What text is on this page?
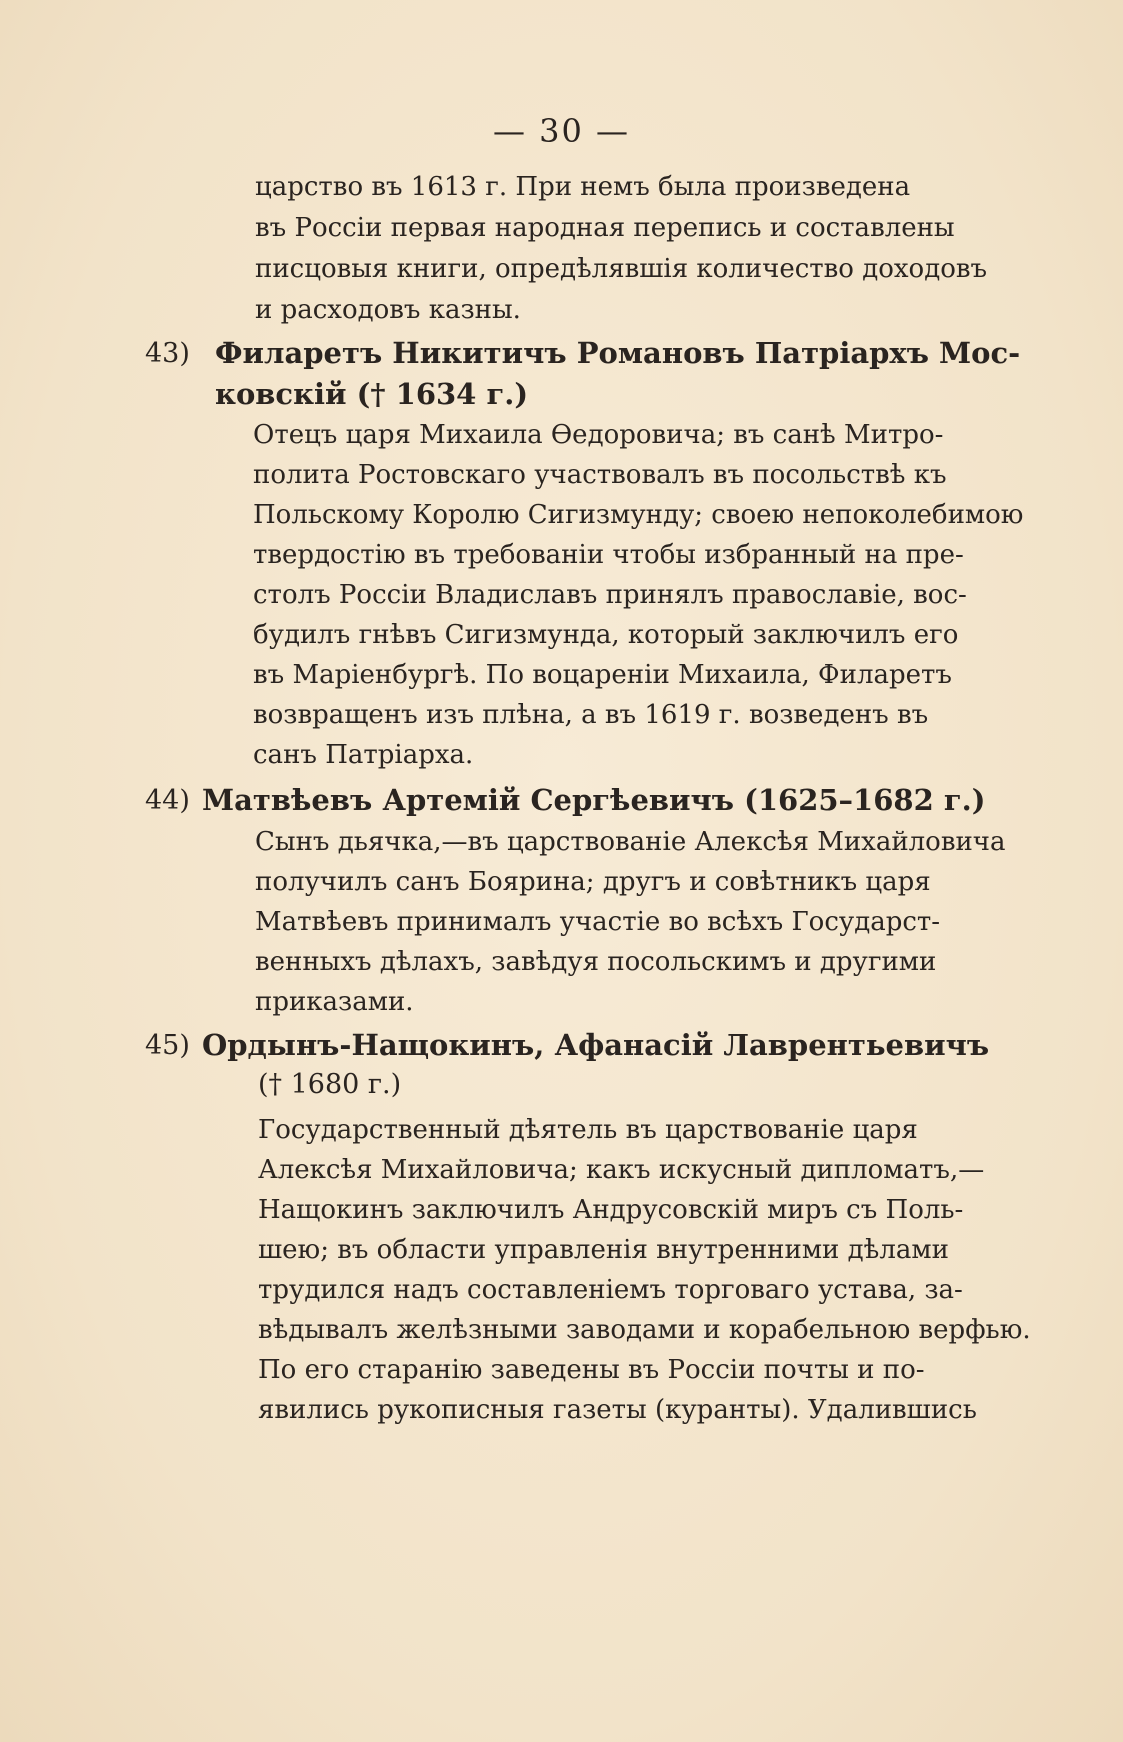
— 30 —
царство въ 1613 г. При немъ была произведена
въ Россіи первая народная перепись и составлены
писцовыя книги, опредѣлявшія количество доходовъ
и расходовъ казны.
43) Филаретъ Никитичъ Романовъ Патріархъ Мос-
ковскій († 1634 г.)
Отецъ царя Михаила Ѳедоровича; въ санѣ Митро-
полита Ростовскаго участвовалъ въ посольствѣ къ
Польскому Королю Сигизмунду; своею непоколебимою
твердостію въ требованіи чтобы избранный на пре-
столъ Россіи Владиславъ принялъ православіе, вос-
будилъ гнѣвъ Сигизмунда, который заключилъ его
въ Маріенбургѣ. По воцареніи Михаила, Филаретъ
возвращенъ изъ плѣна, а въ 1619 г. возведенъ въ
санъ Патріарха.
44) Матвѣевъ Артемій Сергѣевичъ (1625–1682 г.)
Сынъ дьячка,—въ царствованіе Алексѣя Михайловича
получилъ санъ Боярина; другъ и совѣтникъ царя
Матвѣевъ принималъ участіе во всѣхъ Государст-
венныхъ дѣлахъ, завѣдуя посольскимъ и другими
приказами.
45) Ордынъ-Нащокинъ, Афанасій Лаврентьевичъ
(† 1680 г.)
Государственный дѣятель въ царствованіе царя
Алексѣя Михайловича; какъ искусный дипломатъ,—
Нащокинъ заключилъ Андрусовскій миръ съ Поль-
шею; въ области управленія внутренними дѣлами
трудился надъ составленіемъ торговаго устава, за-
вѣдывалъ желѣзными заводами и корабельною верфью.
По его старанію заведены въ Россіи почты и по-
явились рукописныя газеты (куранты). Удалившись
